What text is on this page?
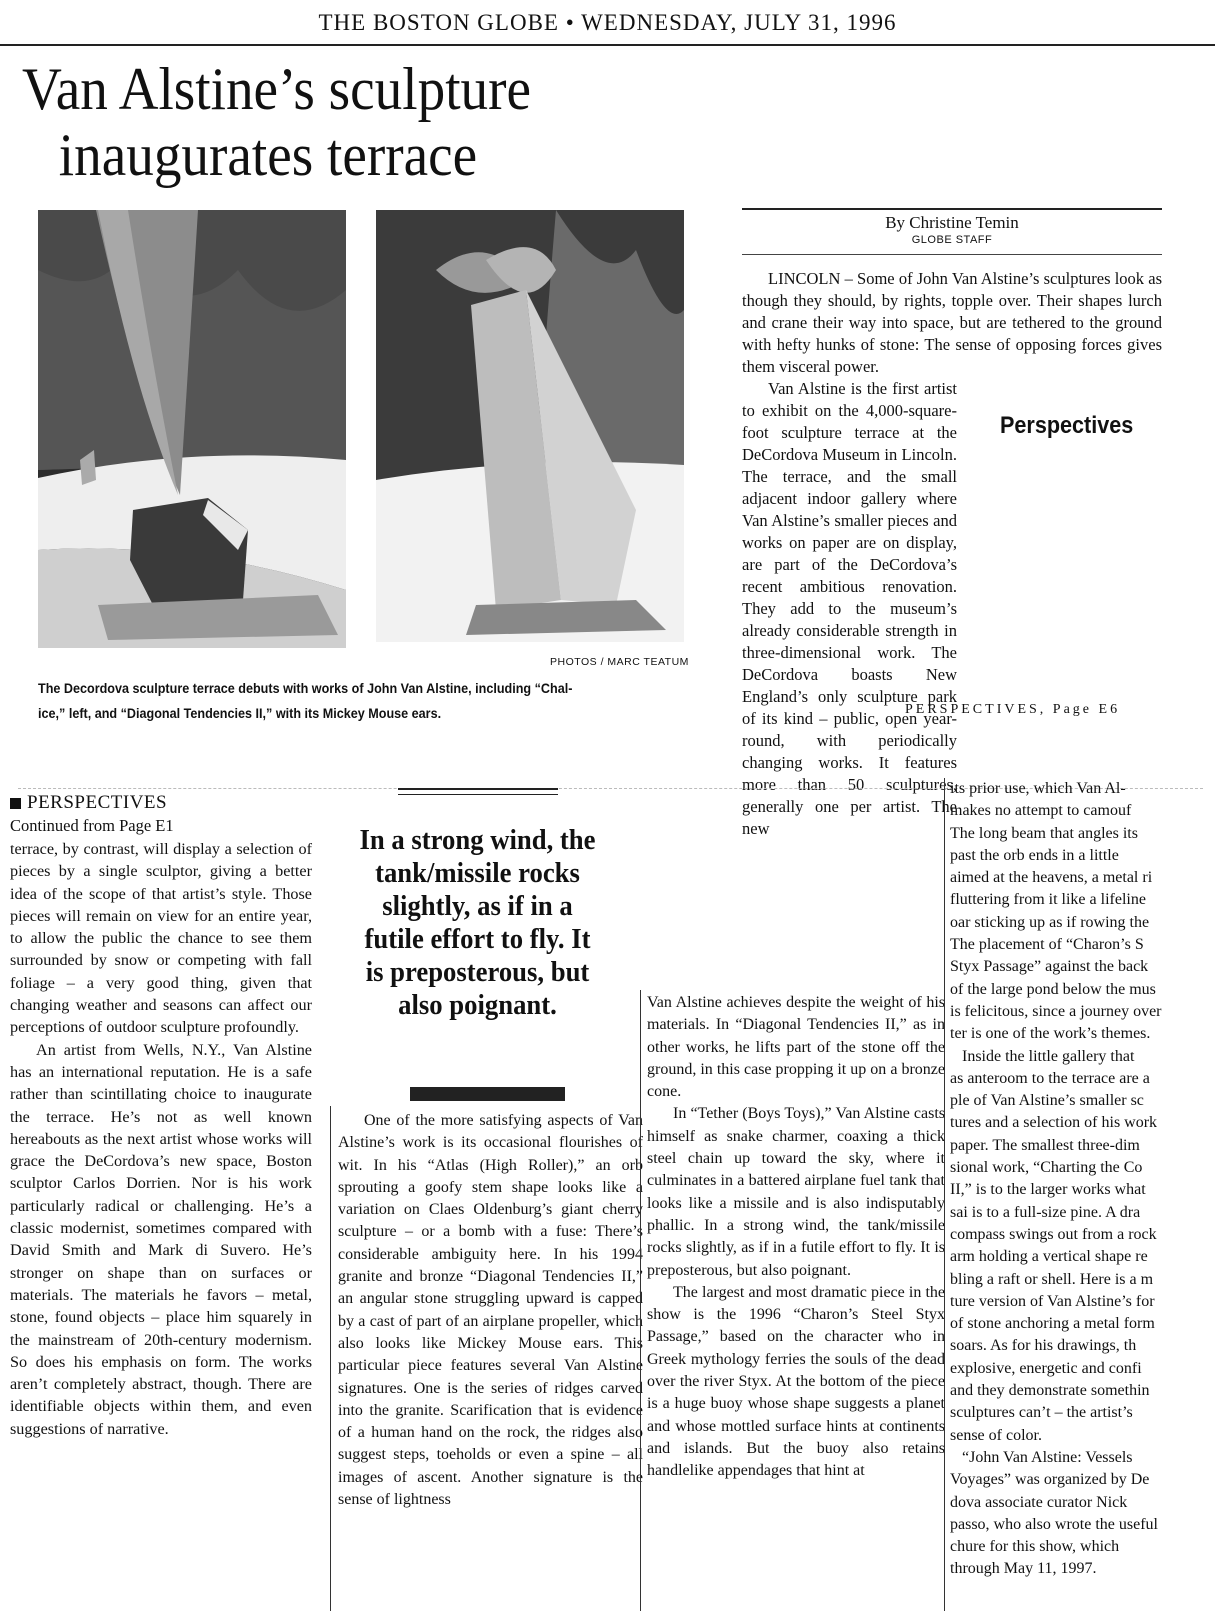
THE BOSTON GLOBE • WEDNESDAY, JULY 31, 1996
Van Alstine’s sculpture
inaugurates terrace
PHOTOS / MARC TEATUM
The Decordova sculpture terrace debuts with works of John Van Alstine, including “Chal-
ice,” left, and “Diagonal Tendencies II,” with its Mickey Mouse ears.
By Christine Temin
GLOBE STAFF

LINCOLN – Some of John Van Alstine’s sculptures look as though they should, by rights, topple over. Their shapes lurch and crane their way into space, but are tethered to the ground with hefty hunks of stone: The sense of opposing forces gives them visceral power.

Van Alstine is the first artist to exhibit on the 4,000-square-foot sculpture terrace at the DeCordova Museum in Lincoln. The terrace, and the small adjacent indoor gallery where Van Alstine’s smaller pieces and works on paper are on display, are part of the DeCordova’s recent ambitious renovation. They add to the museum’s already considerable strength in three-dimensional work. The DeCordova boasts New England’s only sculpture park of its kind – public, open year-round, with periodically changing works. It features more than 50 sculptures, generally one per artist. The new

Perspectives
PERSPECTIVES, Page E6
PERSPECTIVES
Continued from Page E1

terrace, by contrast, will display a selection of pieces by a single sculptor, giving a better idea of the scope of that artist’s style. Those pieces will remain on view for an entire year, to allow the public the chance to see them surrounded by snow or competing with fall foliage – a very good thing, given that changing weather and seasons can affect our perceptions of outdoor sculpture profoundly.

An artist from Wells, N.Y., Van Alstine has an international reputation. He is a safe rather than scintillating choice to inaugurate the terrace. He’s not as well known hereabouts as the next artist whose works will grace the DeCordova’s new space, Boston sculptor Carlos Dorrien. Nor is his work particularly radical or challenging. He’s a classic modernist, sometimes compared with David Smith and Mark di Suvero. He’s stronger on shape than on surfaces or materials. The materials he favors – metal, stone, found objects – place him squarely in the mainstream of 20th-century modernism. So does his emphasis on form. The works aren’t completely abstract, though. There are identifiable objects within them, and even suggestions of narrative.

In a strong wind, the tank/missile rocks slightly, as if in a futile effort to fly. It is preposterous, but also poignant.

One of the more satisfying aspects of Van Alstine’s work is its occasional flourishes of wit. In his “Atlas (High Roller),” an orb sprouting a goofy stem shape looks like a variation on Claes Oldenburg’s giant cherry sculpture – or a bomb with a fuse: There’s considerable ambiguity here. In his 1994 granite and bronze “Diagonal Tendencies II,” an angular stone struggling upward is capped by a cast of part of an airplane propeller, which also looks like Mickey Mouse ears. This particular piece features several Van Alstine signatures. One is the series of ridges carved into the granite. Scarification that is evidence of a human hand on the rock, the ridges also suggest steps, toeholds or even a spine – all images of ascent. Another signature is the sense of lightness

Van Alstine achieves despite the weight of his materials. In “Diagonal Tendencies II,” as in other works, he lifts part of the stone off the ground, in this case propping it up on a bronze cone.

In “Tether (Boys Toys),” Van Alstine casts himself as snake charmer, coaxing a thick steel chain up toward the sky, where it culminates in a battered airplane fuel tank that looks like a missile and is also indisputably phallic. In a strong wind, the tank/missile rocks slightly, as if in a futile effort to fly. It is preposterous, but also poignant.

The largest and most dramatic piece in the show is the 1996 “Charon’s Steel Styx Passage,” based on the character who in Greek mythology ferries the souls of the dead over the river Styx. At the bottom of the piece is a huge buoy whose shape suggests a planet and whose mottled surface hints at continents and islands. But the buoy also retains handlelike appendages that hint at

its prior use, which Van Al-

makes no attempt to camouf

The long beam that angles its

past the orb ends in a little

aimed at the heavens, a metal ri

fluttering from it like a lifeline

oar sticking up as if rowing the

The placement of “Charon’s S

Styx Passage” against the back

of the large pond below the mus

is felicitous, since a journey over

ter is one of the work’s themes.

Inside the little gallery that

as anteroom to the terrace are a

ple of Van Alstine’s smaller sc

tures and a selection of his work

paper. The smallest three-dim

sional work, “Charting the Co

II,” is to the larger works what

sai is to a full-size pine. A dra

compass swings out from a rock

arm holding a vertical shape re

bling a raft or shell. Here is a m

ture version of Van Alstine’s for

of stone anchoring a metal form

soars. As for his drawings, th

explosive, energetic and confi

and they demonstrate somethin

sculptures can’t – the artist’s

sense of color.

“John Van Alstine: Vessels

Voyages” was organized by De

dova associate curator Nick

passo, who also wrote the useful

chure for this show, which

through May 11, 1997.
